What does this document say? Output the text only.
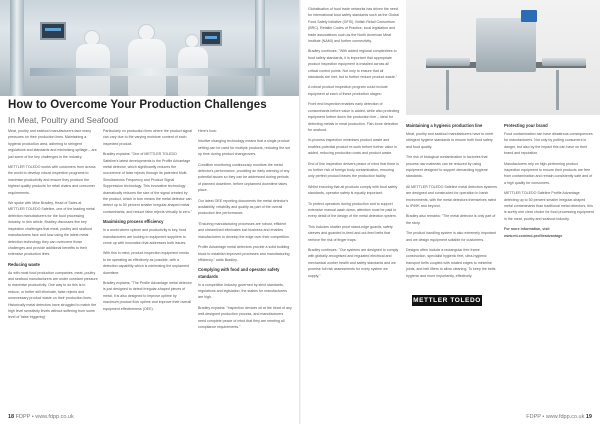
How to Overcome Your Production Challenges
In Meat, Poultry and Seafood

Meat, poultry and seafood manufacturers face many pressures on their production lines. Maintaining a hygienic production area, adhering to stringent regulations and standards and minimising spillage – are just some of the key challenges in the industry.

METTLER TOLEDO works with customers from across the world to develop robust inspection programs to maximise productivity and ensure they produce the highest quality products for retail chains and consumer requirements.

We spoke with Mike Bradley, Head of Sales at METTLER TOLEDO Safeline, one of the leading metal detection manufacturers for the food processing industry. In this article, Bradley discusses five key inspection challenges that meat, poultry and seafood manufacturers face and how using the latest metal detection technology they can overcome those challenges and provide additional benefits to their extensive production lines.

Reducing waste

As with most food production companies, meat, poultry and seafood manufacturers are under constant pressure to maximise productivity. One way to do this is to reduce, or better still eliminate, false rejects and unnecessary product waste on their production lines. Historically metal detectors have struggled to match the high level sensitivity levels without suffering from some level of 'false triggering'

Particularly on production lines where the product signal can vary due to the varying moisture content of each inspected product.

Bradley explains: "One of METTLER TOLEDO Safeline's latest developments is the Profile Advantage metal detector, which significantly reduces the occurrence of false rejects through its patented Multi-Simultaneous Frequency and Product Signal Suppression technology. This innovative technology dramatically reduces the size of the signal created by the product, which in turn means the metal detector can detect up to 50 percent smaller irregular-shaped metal contaminants, and reduce false rejects virtually to zero."

Maximising process efficiency

In a world where uptime and productivity is key, food manufacturers are looking to equipment suppliers to come up with innovation that addresses both issues.

With this in mind, product inspection equipment needs to be operating as effectively as possible, with a detection capability which is minimising the unplanned downtime.

Bradley explains: "The Profile Advantage metal detector is just designed to detect irregular-shaped pieces of metal, it is also designed to improve uptime by maximum product flow uptime and improve their overall equipment effectiveness (OEE).

Here's how:

Intuitive changing technology means that a single product setting can be used for multiple products, reducing the set up time during product changeovers.

Condition monitoring continuously monitors the metal detector's performance, providing an early warning of any potential issues so they can be addressed during periods of planned downtime, before unplanned downtime takes place.

Our latest OEE reporting documents the metal detector's availability, reliability and quality as part of the overall production line performance.

"Ensuring manufacturing processes are robust, efficient and streamlined eliminates lost business and enables manufacturers to develop the edge over their competition.

Profile Advantage metal detectors provide a solid building block to establish improved processes and manufacturing efficiency," adds Bradley.

Complying with food and operator safety standards

In a competitive industry governed by strict standards, regulations and legislation, the stakes for manufacturers are high.

Bradley explains: "Inspection devices sit at the heart of any well-designed production process, and manufacturers need complete peace of mind that they are meeting all compliance requirements."

18 FDPP • www.fdpp.co.uk

Globalisation of food trade networks has driven the need for international food safety standards such as the Global Food Safety Initiative (GFSI), British Retail Consortium (BRC), Retailer Codes of Practice, local legislation and trade associations such as the North American Meat Institute (NAMI) and further connectivity.

Bradley continues: "With added regional complexities to food safety standards, it is important that appropriate product inspection equipment is installed across all critical control points. Not only to ensure that all standards are met, but to further reduce product waste."

A robust product inspection program could include equipment at each of these production stages:

Front end inspection enables early detection of contaminants before value is added, while also protecting equipment further down the production line – ideal for detecting metals in meat production. Fish-bone detection for seafood.

In-process inspection minimises product waste and enables potential product re-work before further value is added, reducing production costs and product waste.

End of line inspection delivers peace of mind that there is no further risk of foreign body contamination, ensuring only perfect product leaves the production facility.

Whilst ensuring that all products comply with food safety standards, operator safety is equally important.

To protect operators during production and to support extensive manual wash down, attention must be paid to every detail of the design of the metal detection system.

This includes shatter proof stand-edge guards, safety sleeves and guarded in-feed and out-feed belts that remove the risk of finger traps.

Bradley continues: "Our systems are designed to comply with globally-recognised and regulated electrical and mechanical worker health and safety standards and we promise full risk assessments for every system we supply."

Maintaining a hygienic production line

Meat, poultry and seafood manufacturers have to meet stringent hygiene standards to ensure both food safety and food quality.

The risk of biological contamination in factories that process raw materials can be reduced by using equipment designed to support demanding hygiene standards.

All METTLER TOLEDO Safeline metal detection systems are designed and constructed for operation in harsh environments, with the metal detectors themselves rated to IP69K and beyond.

Bradley also remarks: "The metal detector is only part of the story.

The product handling system is also extremely important and we design equipment suitable for customers.

Designs often include a rectangular free frame construction, specialist hygienic feet, ultra-hygienic transport belts coupled with rotated edges to minimise joints, and belt lifters to allow cleaning. To keep the belts hygienic and more importantly, effectively.

Protecting your brand

Food contamination can have disastrous consequences for manufacturers. Not only by putting consumers in danger, but also by the impact this can have on their brand and reputation.

Manufacturers rely on high-performing product inspection equipment to ensure their products are free from contamination and remain consistently safe and of a high quality for consumers.

METTLER TOLEDO Safeline Profile Advantage detecting up to 50 percent smaller irregular-shaped metal contaminants than traditional metal detectors, this is surely one clear choice for food processing equipment in the meat, poultry and seafood industry.

For more information, visit

www.mt.com/md-profileadvantage

METTLER TOLEDO
FDPP • www.fdpp.co.uk 19
